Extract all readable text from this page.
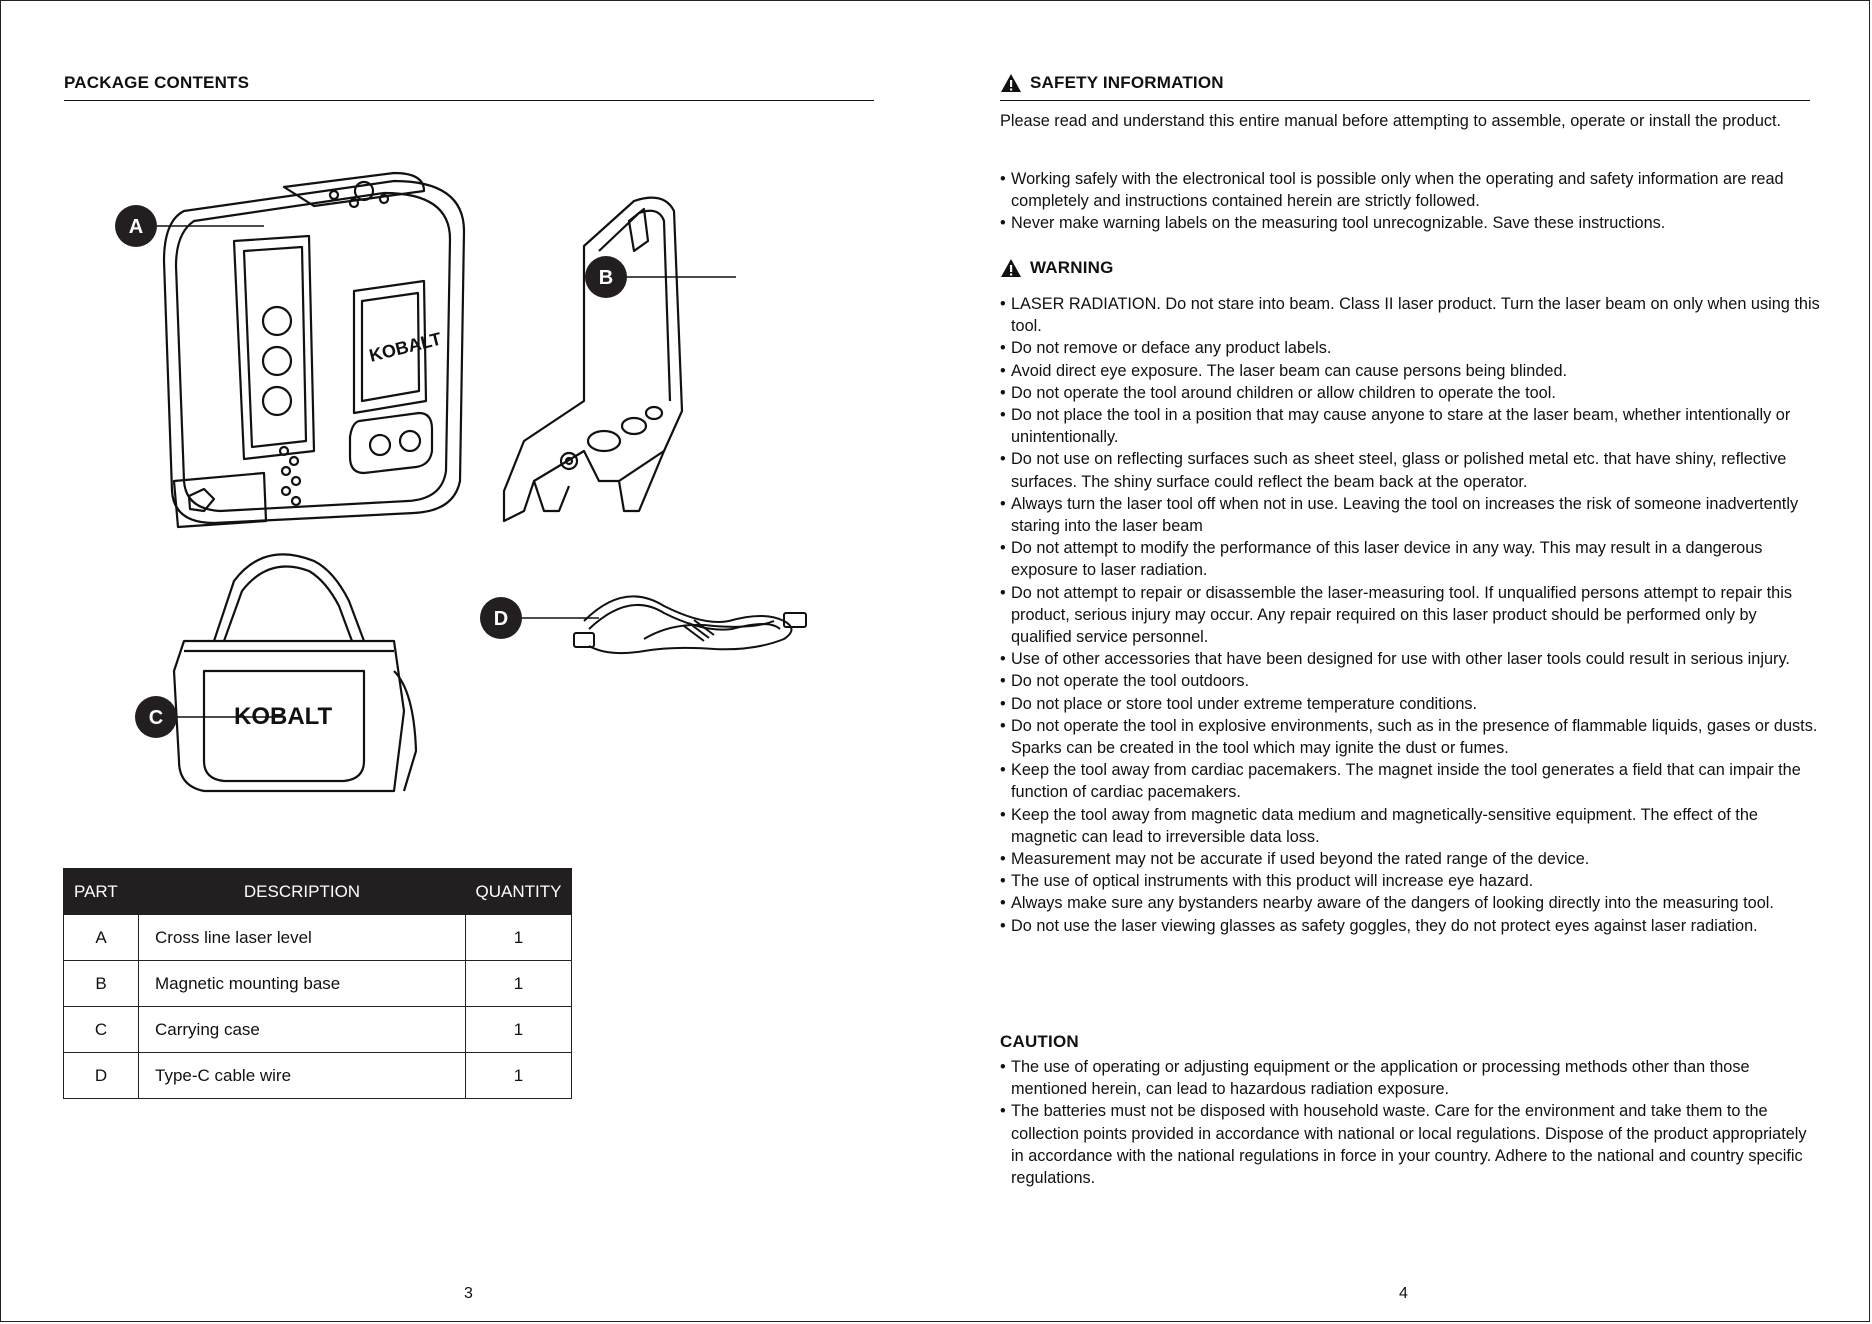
PACKAGE CONTENTS
KOBALT
KOBALT
A
B
C
D
PART	DESCRIPTION	QUANTITY
A	Cross line laser level	1
B	Magnetic mounting base	1
C	Carrying case	1
D	Type-C cable wire	1
3
SAFETY INFORMATION
Please read and understand this entire manual before attempting to assemble, operate or install the product.
• Working safely with the electronical tool is possible only when the operating and safety information are read completely and instructions contained herein are strictly followed.
• Never make warning labels on the measuring tool unrecognizable. Save these instructions.
WARNING
• LASER RADIATION. Do not stare into beam. Class II laser product. Turn the laser beam on only when using this tool.
• Do not remove or deface any product labels.
• Avoid direct eye exposure. The laser beam can cause persons being blinded.
• Do not operate the tool around children or allow children to operate the tool.
• Do not place the tool in a position that may cause anyone to stare at the laser beam, whether intentionally or unintentionally.
• Do not use on reflecting surfaces such as sheet steel, glass or polished metal etc. that have shiny, reflective surfaces. The shiny surface could reflect the beam back at the operator.
• Always turn the laser tool off when not in use. Leaving the tool on increases the risk of someone inadvertently staring into the laser beam
• Do not attempt to modify the performance of this laser device in any way. This may result in a dangerous exposure to laser radiation.
• Do not attempt to repair or disassemble the laser-measuring tool. If unqualified persons attempt to repair this product, serious injury may occur. Any repair required on this laser product should be performed only by qualified service personnel.
• Use of other accessories that have been designed for use with other laser tools could result in serious injury.
• Do not operate the tool outdoors.
• Do not place or store tool under extreme temperature conditions.
• Do not operate the tool in explosive environments, such as in the presence of flammable liquids, gases or dusts. Sparks can be created in the tool which may ignite the dust or fumes.
• Keep the tool away from cardiac pacemakers. The magnet inside the tool generates a field that can impair the function of cardiac pacemakers.
• Keep the tool away from magnetic data medium and magnetically-sensitive equipment. The effect of the magnetic can lead to irreversible data loss.
• Measurement may not be accurate if used beyond the rated range of the device.
• The use of optical instruments with this product will increase eye hazard.
• Always make sure any bystanders nearby aware of the dangers of looking directly into the measuring tool.
• Do not use the laser viewing glasses as safety goggles, they do not protect eyes against laser radiation.
CAUTION
• The use of operating or adjusting equipment or the application or processing methods other than those mentioned herein, can lead to hazardous radiation exposure.
• The batteries must not be disposed with household waste. Care for the environment and take them to the collection points provided in accordance with national or local regulations. Dispose of the product appropriately in accordance with the national regulations in force in your country. Adhere to the national and country specific regulations.
4
